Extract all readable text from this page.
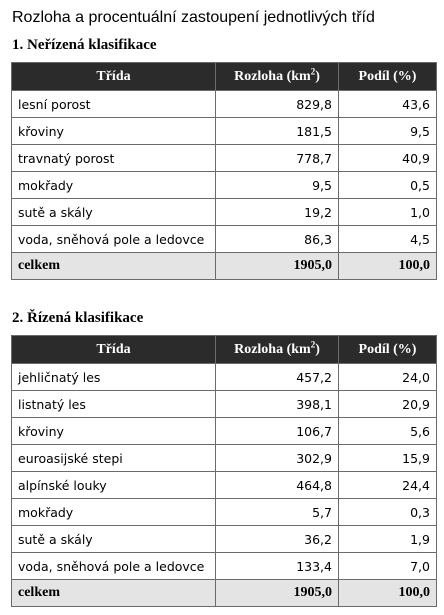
Rozloha a procentuální zastoupení jednotlivých tříd
1. Neřízená klasifikace
Třída	Rozloha $(km^2)$	Podíl (%)
lesní porost	829,8	43,6
křoviny	181,5	9,5
travnatý porost	778,7	40,9
mokřady	9,5	0,5
sutě a skály	19,2	1,0
voda, sněhová pole a ledovce	86,3	4,5
celkem	1905,0	100,0
2. Řízená klasifikace
Třída	Rozloha $(km^2)$	Podíl (%)
jehličnatý les	457,2	24,0
listnatý les	398,1	20,9
křoviny	106,7	5,6
euroasijské stepi	302,9	15,9
alpínské louky	464,8	24,4
mokřady	5,7	0,3
sutě a skály	36,2	1,9
voda, sněhová pole a ledovce	133,4	7,0
celkem	1905,0	100,0
